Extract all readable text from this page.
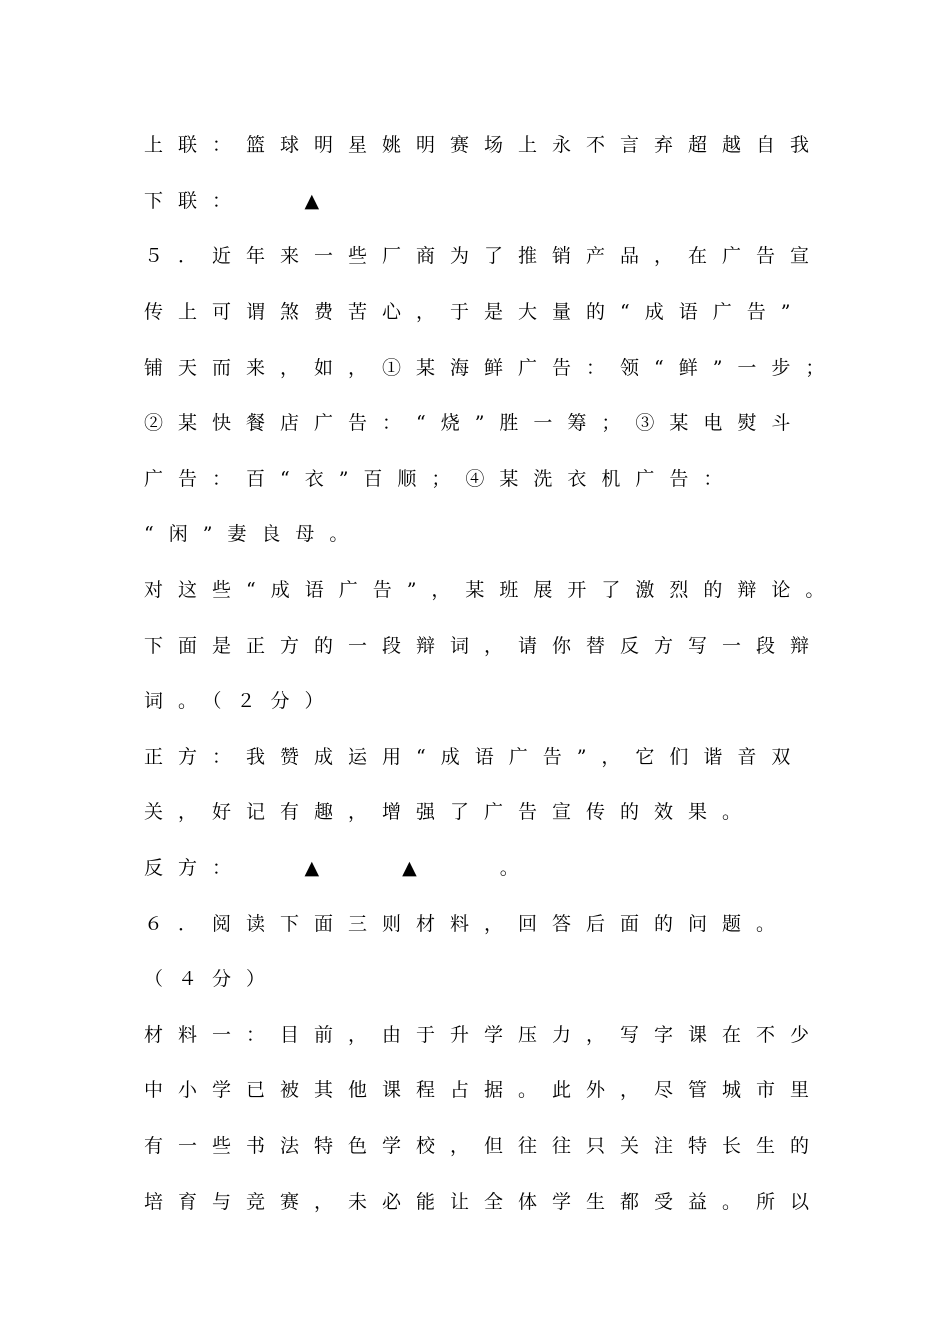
上联：篮球明星姚明赛场上永不言弃超越自我
下联：　　▲
５．近年来一些厂商为了推销产品，在广告宣
传上可谓煞费苦心，于是大量的“成语广告”
铺天而来，如，①某海鲜广告：领“鲜”一步；
②某快餐店广告：“烧”胜一筹；③某电熨斗
广告：百“衣”百顺；④某洗衣机广告：
“闲”妻良母。
对这些“成语广告”，某班展开了激烈的辩论。
下面是正方的一段辩词，请你替反方写一段辩
词。（２分）
正方：我赞成运用“成语广告”，它们谐音双
关，好记有趣，增强了广告宣传的效果。
反方：　　▲　　▲　　。
６．阅读下面三则材料，回答后面的问题。
（４分）
材料一：目前，由于升学压力，写字课在不少
中小学已被其他课程占据。此外，尽管城市里
有一些书法特色学校，但往往只关注特长生的
培育与竞赛，未必能让全体学生都受益。所以
